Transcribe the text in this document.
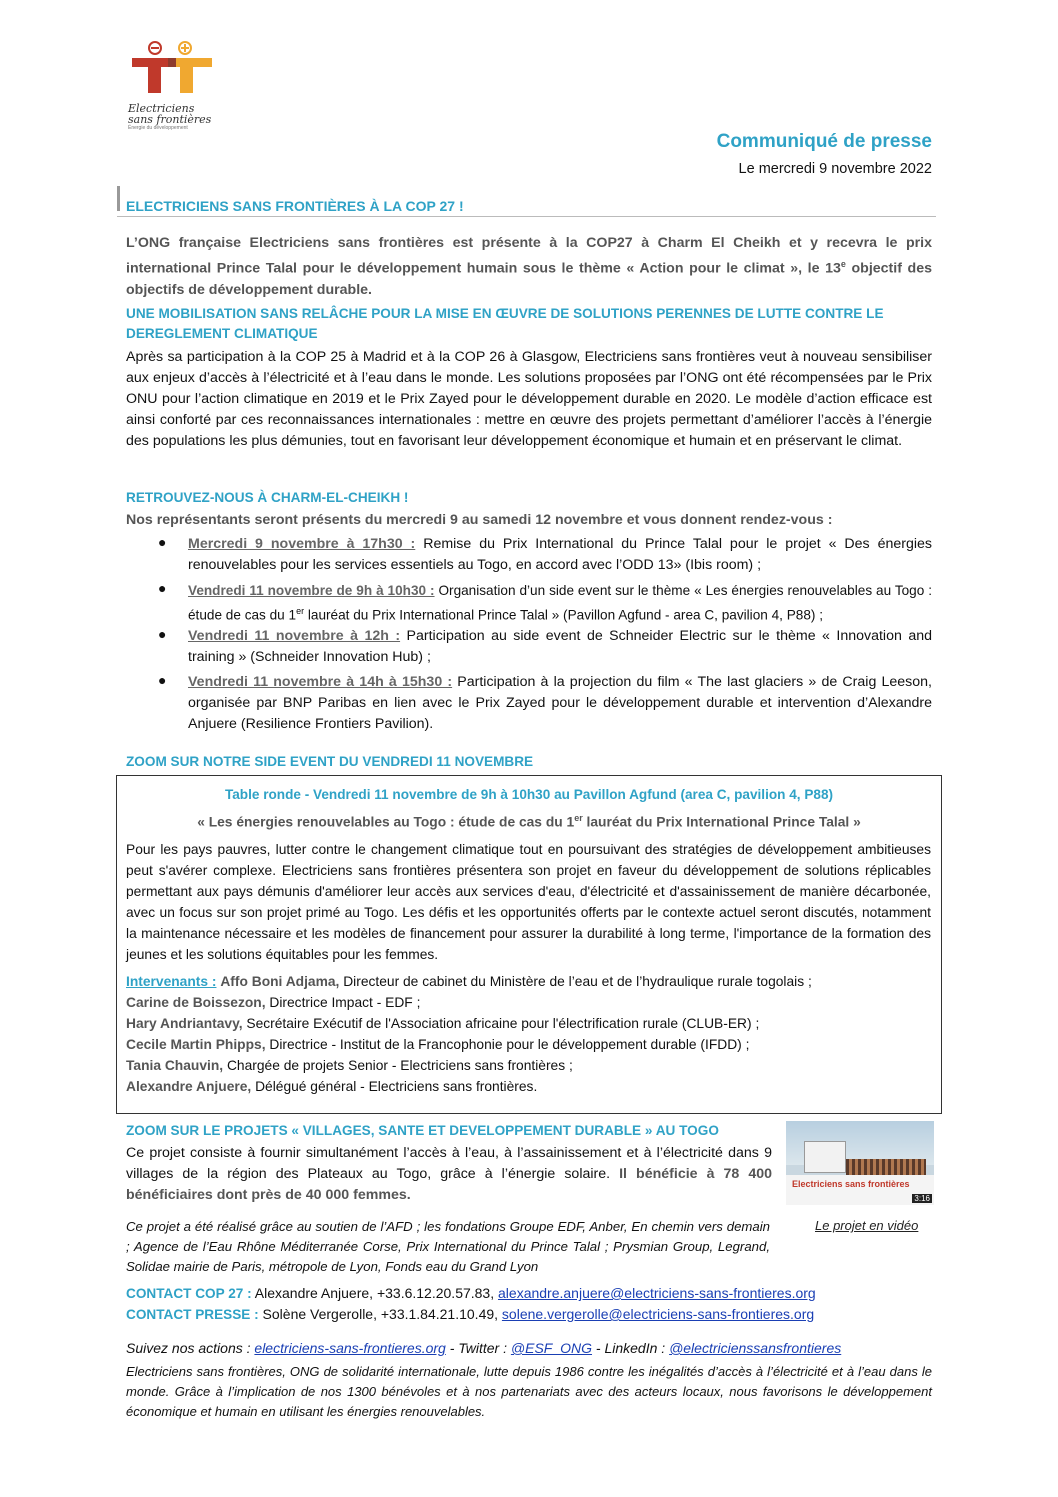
Electriciens
sans frontières
Énergie du développement
Communiqué de presse
Le mercredi 9 novembre 2022
ELECTRICIENS SANS FRONTIÈRES À LA COP 27 !
L’ONG française Electriciens sans frontières est présente à la COP27 à Charm El Cheikh et y recevra le prix international Prince Talal pour le développement humain sous le thème « Action pour le climat », le 13e objectif des objectifs de développement durable.
UNE MOBILISATION SANS RELÂCHE POUR LA MISE EN ŒUVRE DE SOLUTIONS PERENNES DE LUTTE CONTRE LE
DEREGLEMENT CLIMATIQUE
Après sa participation à la COP 25 à Madrid et à la COP 26 à Glasgow, Electriciens sans frontières veut à nouveau sensibiliser aux enjeux d’accès à l’électricité et à l’eau dans le monde. Les solutions proposées par l’ONG ont été récompensées par le Prix ONU pour l’action climatique en 2019 et le Prix Zayed pour le développement durable en 2020. Le modèle d’action efficace est ainsi conforté par ces reconnaissances internationales : mettre en œuvre des projets permettant d’améliorer l’accès à l’énergie des populations les plus démunies, tout en favorisant leur développement économique et humain et en préservant le climat.
RETROUVEZ-NOUS À CHARM-EL-CHEIKH !
Nos représentants seront présents du mercredi 9 au samedi 12 novembre et vous donnent rendez-vous :
● Mercredi 9 novembre à 17h30 : Remise du Prix International du Prince Talal pour le projet « Des énergies renouvelables pour les services essentiels au Togo, en accord avec l’ODD 13» (Ibis room) ;
● Vendredi 11 novembre de 9h à 10h30 : Organisation d’un side event sur le thème « Les énergies renouvelables au Togo : étude de cas du 1er lauréat du Prix International Prince Talal » (Pavillon Agfund - area C, pavilion 4, P88) ;
● Vendredi 11 novembre à 12h : Participation au side event de Schneider Electric sur le thème « Innovation and training » (Schneider Innovation Hub) ;
● Vendredi 11 novembre à 14h à 15h30 : Participation à la projection du film « The last glaciers » de Craig Leeson, organisée par BNP Paribas en lien avec le Prix Zayed pour le développement durable et intervention d’Alexandre Anjuere (Resilience Frontiers Pavilion).
ZOOM SUR NOTRE SIDE EVENT DU VENDREDI 11 NOVEMBRE
Table ronde - Vendredi 11 novembre de 9h à 10h30 au Pavillon Agfund (area C, pavilion 4, P88)
« Les énergies renouvelables au Togo : étude de cas du 1er lauréat du Prix International Prince Talal »
Pour les pays pauvres, lutter contre le changement climatique tout en poursuivant des stratégies de développement ambitieuses peut s'avérer complexe. Electriciens sans frontières présentera son projet en faveur du développement de solutions réplicables permettant aux pays démunis d'améliorer leur accès aux services d'eau, d'électricité et d'assainissement de manière décarbonée, avec un focus sur son projet primé au Togo. Les défis et les opportunités offerts par le contexte actuel seront discutés, notamment la maintenance nécessaire et les modèles de financement pour assurer la durabilité à long terme, l'importance de la formation des jeunes et les solutions équitables pour les femmes.
Intervenants : Affo Boni Adjama, Directeur de cabinet du Ministère de l’eau et de l’hydraulique rurale togolais ;
Carine de Boissezon, Directrice Impact - EDF ;
Hary Andriantavy, Secrétaire Exécutif de l'Association africaine pour l'électrification rurale (CLUB-ER) ;
Cecile Martin Phipps, Directrice - Institut de la Francophonie pour le développement durable (IFDD) ;
Tania Chauvin, Chargée de projets Senior - Electriciens sans frontières ;
Alexandre Anjuere, Délégué général - Electriciens sans frontières.
ZOOM SUR LE PROJETS « VILLAGES, SANTE ET DEVELOPPEMENT DURABLE » AU TOGO
Ce projet consiste à fournir simultanément l’accès à l’eau, à l’assainissement et à l’électricité dans 9 villages de la région des Plateaux au Togo, grâce à l’énergie solaire. Il bénéficie à 78 400 bénéficiaires dont près de 40 000 femmes.
Electriciens sans frontières
3:16
Le projet en vidéo
Ce projet a été réalisé grâce au soutien de l’AFD ; les fondations Groupe EDF, Anber, En chemin vers demain ; Agence de l’Eau Rhône Méditerranée Corse, Prix International du Prince Talal ; Prysmian Group, Legrand, Solidae mairie de Paris, métropole de Lyon, Fonds eau du Grand Lyon
CONTACT COP 27 : Alexandre Anjuere, +33.6.12.20.57.83, alexandre.anjuere@electriciens-sans-frontieres.org
CONTACT PRESSE : Solène Vergerolle, +33.1.84.21.10.49, solene.vergerolle@electriciens-sans-frontieres.org
Suivez nos actions : electriciens-sans-frontieres.org - Twitter : @ESF_ONG - LinkedIn : @electricienssansfrontieres
Electriciens sans frontières, ONG de solidarité internationale, lutte depuis 1986 contre les inégalités d’accès à l’électricité et à l’eau dans le monde. Grâce à l’implication de nos 1300 bénévoles et à nos partenariats avec des acteurs locaux, nous favorisons le développement économique et humain en utilisant les énergies renouvelables.
